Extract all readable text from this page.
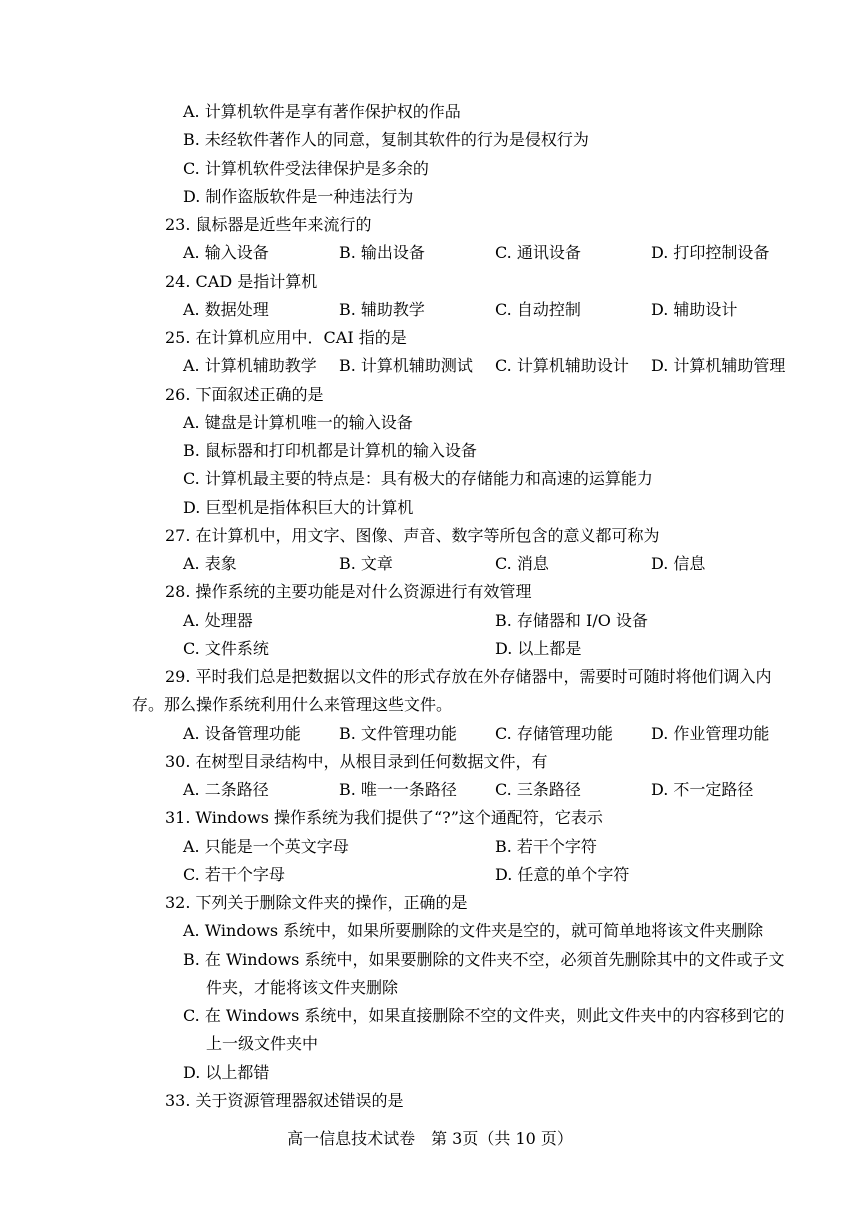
A. 计算机软件是享有著作保护权的作品
B. 未经软件著作人的同意，复制其软件的行为是侵权行为
C. 计算机软件受法律保护是多余的
D. 制作盗版软件是一种违法行为
23. 鼠标器是近些年来流行的
A. 输入设备	B. 输出设备	C. 通讯设备	D. 打印控制设备
24. CAD 是指计算机
A. 数据处理	B. 辅助教学	C. 自动控制	D. 辅助设计
25. 在计算机应用中．CAI 指的是
A. 计算机辅助教学 B. 计算机辅助测试 C. 计算机辅助设计 D. 计算机辅助管理
26. 下面叙述正确的是
A. 键盘是计算机唯一的输入设备
B. 鼠标器和打印机都是计算机的输入设备
C. 计算机最主要的特点是：具有极大的存储能力和高速的运算能力
D. 巨型机是指体积巨大的计算机
27. 在计算机中，用文字、图像、声音、数字等所包含的意义都可称为
A. 表象	B. 文章	C. 消息	D. 信息
28. 操作系统的主要功能是对什么资源进行有效管理
A. 处理器	B. 存储器和 I/O 设备
C. 文件系统	D. 以上都是
29. 平时我们总是把数据以文件的形式存放在外存储器中，需要时可随时将他们调入内
存。那么操作系统利用什么来管理这些文件。
A. 设备管理功能 B. 文件管理功能 C. 存储管理功能 D. 作业管理功能
30. 在树型目录结构中，从根目录到任何数据文件，有
A. 二条路径	B. 唯一一条路径 C. 三条路径	D. 不一定路径
31. Windows 操作系统为我们提供了“?”这个通配符，它表示
A. 只能是一个英文字母	B. 若干个字符
C. 若干个字母	D. 任意的单个字符
32. 下列关于删除文件夹的操作，正确的是
A. Windows 系统中，如果所要删除的文件夹是空的，就可简单地将该文件夹删除
B. 在 Windows 系统中，如果要删除的文件夹不空，必须首先删除其中的文件或子文
件夹，才能将该文件夹删除
C. 在 Windows 系统中，如果直接删除不空的文件夹，则此文件夹中的内容移到它的
上一级文件夹中
D. 以上都错
33. 关于资源管理器叙述错误的是
高一信息技术试卷　第 3页（共 10 页）
